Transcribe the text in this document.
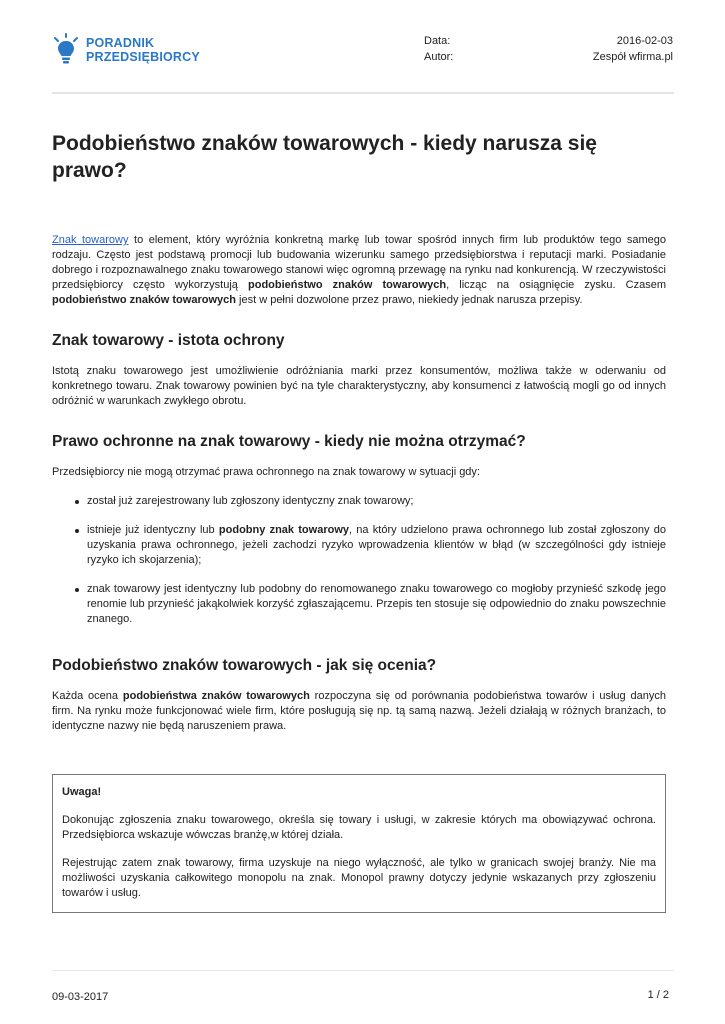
PORADNIK
PRZEDSIĘBIORCY
Data:	2016-02-03
Autor:	Zespół wfirma.pl
Podobieństwo znaków towarowych - kiedy narusza się prawo?

Znak towarowy to element, który wyróżnia konkretną markę lub towar spośród innych firm lub produktów tego samego rodzaju. Często jest podstawą promocji lub budowania wizerunku samego przedsiębiorstwa i reputacji marki. Posiadanie dobrego i rozpoznawalnego znaku towarowego stanowi więc ogromną przewagę na rynku nad konkurencją. W rzeczywistości przedsiębiorcy często wykorzystują podobieństwo znaków towarowych, licząc na osiągnięcie zysku. Czasem podobieństwo znaków towarowych jest w pełni dozwolone przez prawo, niekiedy jednak narusza przepisy.

Znak towarowy - istota ochrony

Istotą znaku towarowego jest umożliwienie odróżniania marki przez konsumentów, możliwa także w oderwaniu od konkretnego towaru. Znak towarowy powinien być na tyle charakterystyczny, aby konsumenci z łatwością mogli go od innych odróżnić w warunkach zwykłego obrotu.

Prawo ochronne na znak towarowy - kiedy nie można otrzymać?

Przedsiębiorcy nie mogą otrzymać prawa ochronnego na znak towarowy w sytuacji gdy:

został już zarejestrowany lub zgłoszony identyczny znak towarowy;
istnieje już identyczny lub podobny znak towarowy, na który udzielono prawa ochronnego lub został zgłoszony do uzyskania prawa ochronnego, jeżeli zachodzi ryzyko wprowadzenia klientów w błąd (w szczególności gdy istnieje ryzyko ich skojarzenia);
znak towarowy jest identyczny lub podobny do renomowanego znaku towarowego co mogłoby przynieść szkodę jego renomie lub przynieść jakąkolwiek korzyść zgłaszającemu. Przepis ten stosuje się odpowiednio do znaku powszechnie znanego.
Podobieństwo znaków towarowych - jak się ocenia?

Każda ocena podobieństwa znaków towarowych rozpoczyna się od porównania podobieństwa towarów i usług danych firm. Na rynku może funkcjonować wiele firm, które posługują się np. tą samą nazwą. Jeżeli działają w różnych branżach, to identyczne nazwy nie będą naruszeniem prawa.

Uwaga!

Dokonując zgłoszenia znaku towarowego, określa się towary i usługi, w zakresie których ma obowiązywać ochrona. Przedsiębiorca wskazuje wówczas branżę,w której działa.

Rejestrując zatem znak towarowy, firma uzyskuje na niego wyłączność, ale tylko w granicach swojej branży. Nie ma możliwości uzyskania całkowitego monopolu na znak. Monopol prawny dotyczy jedynie wskazanych przy zgłoszeniu towarów i usług.

09-03-2017	1 / 2
